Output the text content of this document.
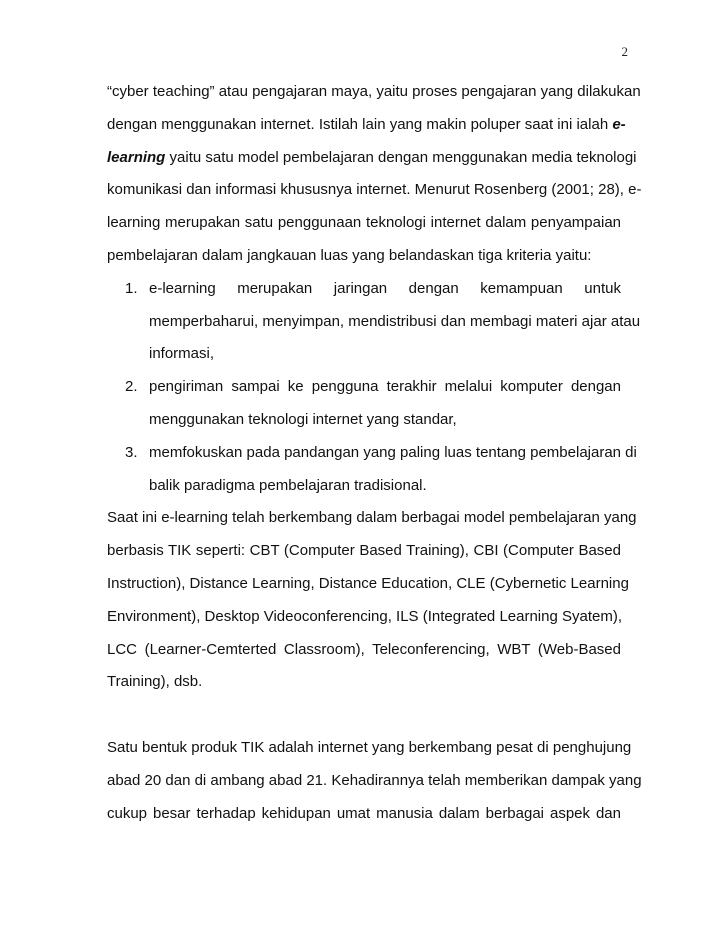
2
“cyber teaching” atau pengajaran maya, yaitu proses pengajaran yang dilakukan
dengan menggunakan internet. Istilah lain yang makin poluper saat ini ialah e-
learning yaitu satu model pembelajaran dengan menggunakan media teknologi
komunikasi dan informasi khususnya internet. Menurut Rosenberg (2001; 28), e-
learning merupakan satu penggunaan teknologi internet dalam penyampaian
pembelajaran dalam jangkauan luas yang belandaskan tiga kriteria yaitu:
1. e-learning merupakan jaringan dengan kemampuan untuk
memperbaharui, menyimpan, mendistribusi dan membagi materi ajar atau
informasi,
2. pengiriman sampai ke pengguna terakhir melalui komputer dengan
menggunakan teknologi internet yang standar,
3. memfokuskan pada pandangan yang paling luas tentang pembelajaran di
balik paradigma pembelajaran tradisional.
Saat ini e-learning telah berkembang dalam berbagai model pembelajaran yang
berbasis TIK seperti: CBT (Computer Based Training), CBI (Computer Based
Instruction), Distance Learning, Distance Education, CLE (Cybernetic Learning
Environment), Desktop Videoconferencing, ILS (Integrated Learning Syatem),
LCC (Learner-Cemterted Classroom), Teleconferencing, WBT (Web-Based
Training), dsb.
Satu bentuk produk TIK adalah internet yang berkembang pesat di penghujung
abad 20 dan di ambang abad 21. Kehadirannya telah memberikan dampak yang
cukup besar terhadap kehidupan umat manusia dalam berbagai aspek dan
